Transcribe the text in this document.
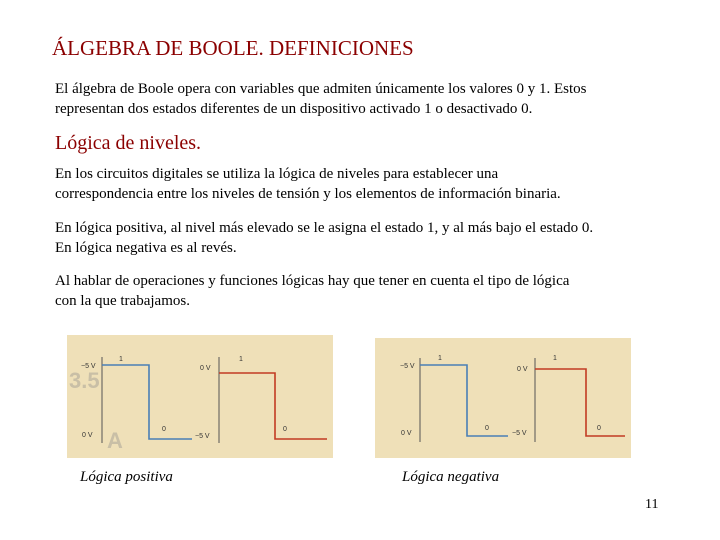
ÁLGEBRA DE BOOLE. DEFINICIONES
El álgebra de Boole opera con variables que admiten únicamente los valores 0 y 1. Estos
representan dos estados diferentes de un dispositivo activado 1 o desactivado 0.
Lógica de niveles.
En los circuitos digitales se utiliza la lógica de niveles para establecer una
correspondencia entre los niveles de tensión y los elementos de información binaria.
En lógica positiva, al nivel más elevado se le asigna el estado 1, y al más bajo el estado 0.
En lógica negativa es al revés.
Al hablar de operaciones y funciones lógicas hay que tener en cuenta el tipo de lógica
con la que trabajamos.
3.5
A
−5 V
1
0 V
0
0 V
1
−5 V
0
−5 V
1
0 V
0
0 V
1
−5 V
0
Lógica positiva	Lógica negativa
11
